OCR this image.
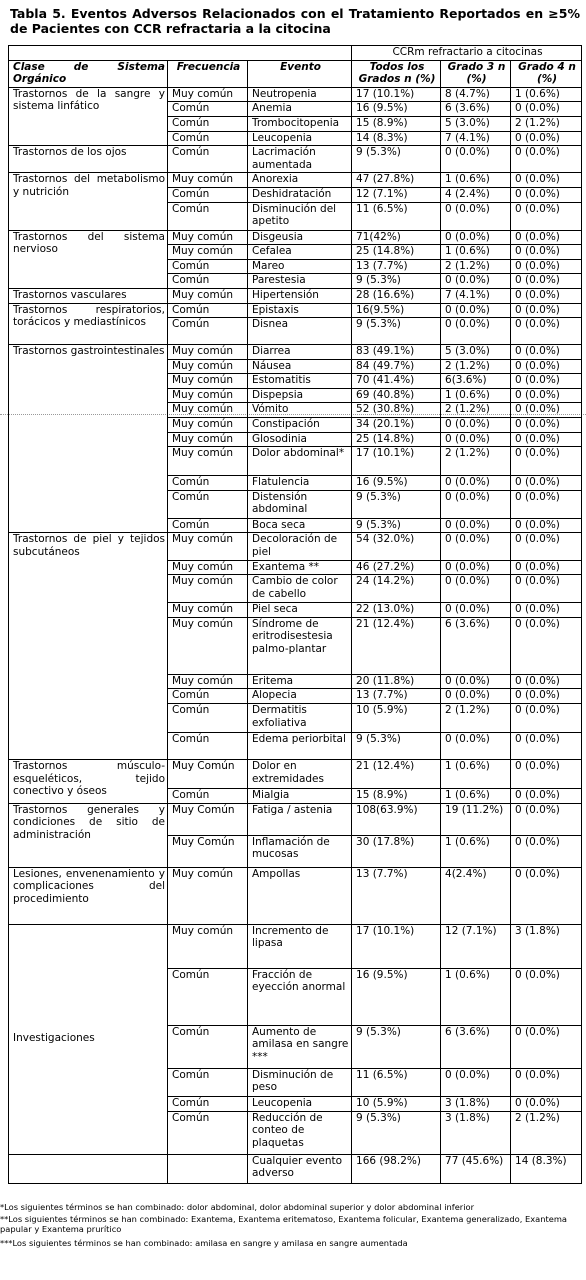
Tabla 5. Eventos Adversos Relacionados con el Tratamiento Reportados en ≥5% de Pacientes con CCR refractaria a la citocina
			CCRm refractario a citocinas		
Clase de Sistema Orgánico	Frecuencia	Evento	Todos los Grados n (%)	Grado 3 n (%)	Grado 4 n (%)
Trastornos de la sangre y sistema linfático	Muy común	Neutropenia	17 (10.1%)	8 (4.7%)	1 (0.6%)
	Común	Anemia	16 (9.5%)	6 (3.6%)	0 (0.0%)
	Común	Trombocitopenia	15 (8.9%)	5 (3.0%)	2 (1.2%)
	Común	Leucopenia	14 (8.3%)	7 (4.1%)	0 (0.0%)
Trastornos de los ojos	Común	Lacrimación aumentada	9 (5.3%)	0 (0.0%)	0 (0.0%)
Trastornos del metabolismo y nutrición	Muy común	Anorexia	47 (27.8%)	1 (0.6%)	0 (0.0%)
	Común	Deshidratación	12 (7.1%)	4 (2.4%)	0 (0.0%)
	Común	Disminución del apetito	11 (6.5%)	0 (0.0%)	0 (0.0%)
Trastornos del sistema nervioso	Muy común	Disgeusia	71(42%)	0 (0.0%)	0 (0.0%)
	Muy común	Cefalea	25 (14.8%)	1 (0.6%)	0 (0.0%)
	Común	Mareo	13 (7.7%)	2 (1.2%)	0 (0.0%)
	Común	Parestesia	9 (5.3%)	0 (0.0%)	0 (0.0%)
Trastornos vasculares	Muy común	Hipertensión	28 (16.6%)	7 (4.1%)	0 (0.0%)
Trastornos respiratorios, torácicos y mediastínicos	Común	Epistaxis	16(9.5%)	0 (0.0%)	0 (0.0%)
	Común	Disnea	9 (5.3%)	0 (0.0%)	0 (0.0%)
Trastornos gastrointestinales	Muy común	Diarrea	83 (49.1%)	5 (3.0%)	0 (0.0%)
	Muy común	Náusea	84 (49.7%)	2 (1.2%)	0 (0.0%)
	Muy común	Estomatitis	70 (41.4%)	6(3.6%)	0 (0.0%)
	Muy común	Dispepsia	69 (40.8%)	1 (0.6%)	0 (0.0%)
	Muy común	Vómito	52 (30.8%)	2 (1.2%)	0 (0.0%)
	Muy común	Constipación	34 (20.1%)	0 (0.0%)	0 (0.0%)
	Muy común	Glosodinia	25 (14.8%)	0 (0.0%)	0 (0.0%)
	Muy común	Dolor abdominal*	17 (10.1%)	2 (1.2%)	0 (0.0%)
	Común	Flatulencia	16 (9.5%)	0 (0.0%)	0 (0.0%)
	Común	Distensión abdominal	9 (5.3%)	0 (0.0%)	0 (0.0%)
	Común	Boca seca	9 (5.3%)	0 (0.0%)	0 (0.0%)
Trastornos de piel y tejidos subcutáneos	Muy común	Decoloración de piel	54 (32.0%)	0 (0.0%)	0 (0.0%)
	Muy común	Exantema **	46 (27.2%)	0 (0.0%)	0 (0.0%)
	Muy común	Cambio de color de cabello	24 (14.2%)	0 (0.0%)	0 (0.0%)
	Muy común	Piel seca	22 (13.0%)	0 (0.0%)	0 (0.0%)
	Muy común	Síndrome de eritrodisestesia palmo-plantar	21 (12.4%)	6 (3.6%)	0 (0.0%)
	Muy común	Eritema	20 (11.8%)	0 (0.0%)	0 (0.0%)
	Común	Alopecia	13 (7.7%)	0 (0.0%)	0 (0.0%)
	Común	Dermatitis exfoliativa	10 (5.9%)	2 (1.2%)	0 (0.0%)
	Común	Edema periorbital	9 (5.3%)	0 (0.0%)	0 (0.0%)
Trastornos músculo-esqueléticos, tejido conectivo y óseos	Muy Común	Dolor en extremidades	21 (12.4%)	1 (0.6%)	0 (0.0%)
	Común	Mialgia	15 (8.9%)	1 (0.6%)	0 (0.0%)
Trastornos generales y condiciones de sitio de administración	Muy Común	Fatiga / astenia	108(63.9%)	19 (11.2%)	0 (0.0%)
	Muy Común	Inflamación de mucosas	30 (17.8%)	1 (0.6%)	0 (0.0%)
Lesiones, envenenamiento y complicaciones del procedimiento	Muy común	Ampollas	13 (7.7%)	4(2.4%)	0 (0.0%)
Investigaciones	Muy común	Incremento de lipasa	17 (10.1%)	12 (7.1%)	3 (1.8%)
	Común	Fracción de eyección anormal	16 (9.5%)	1 (0.6%)	0 (0.0%)
	Común	Aumento de amilasa en sangre ***	9 (5.3%)	6 (3.6%)	0 (0.0%)
	Común	Disminución de peso	11 (6.5%)	0 (0.0%)	0 (0.0%)
	Común	Leucopenia	10 (5.9%)	3 (1.8%)	0 (0.0%)
	Común	Reducción de conteo de plaquetas	9 (5.3%)	3 (1.8%)	2 (1.2%)
		Cualquier evento adverso	166 (98.2%)	77 (45.6%)	14 (8.3%)
*Los siguientes términos se han combinado: dolor abdominal, dolor abdominal superior y dolor abdominal inferior
**Los siguientes términos se han combinado: Exantema, Exantema eritematoso, Exantema folicular, Exantema generalizado, Exantema papular y Exantema prurítico
***Los siguientes términos se han combinado: amilasa en sangre y amilasa en sangre aumentada
